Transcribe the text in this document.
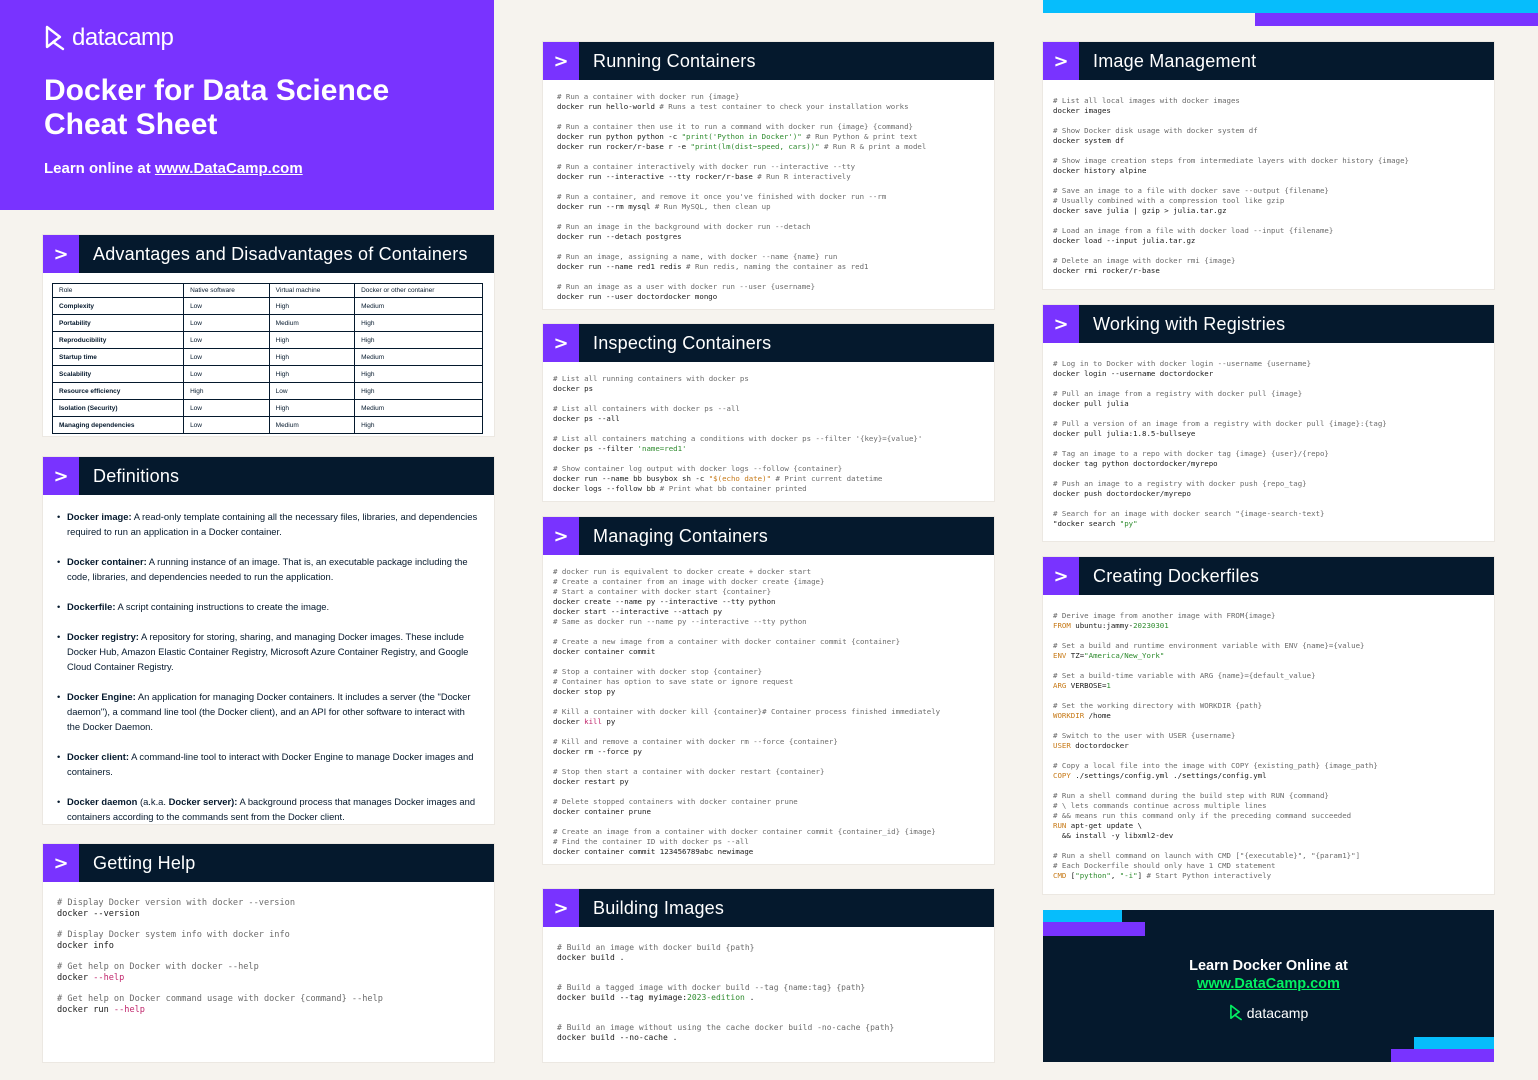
datacamp
Docker for Data Science
Cheat Sheet
Learn online at www.DataCamp.com
>	Advantages and Disadvantages of Containers
Role	Native software	Virtual machine	Docker or other container
Complexity	Low	High	Medium
Portability	Low	Medium	High
Reproducibility	Low	High	High
Startup time	Low	High	Medium
Scalability	Low	High	High
Resource efficiency	High	Low	High
Isolation (Security)	Low	High	Medium
Managing dependencies	Low	Medium	High
>	Definitions
• Docker image: A read-only template containing all the necessary files, libraries, and dependencies required to run an application in a Docker container.
• Docker container: A running instance of an image. That is, an executable package including the code, libraries, and dependencies needed to run the application.
• Dockerfile: A script containing instructions to create the image.
• Docker registry: A repository for storing, sharing, and managing Docker images. These include Docker Hub, Amazon Elastic Container Registry, Microsoft Azure Container Registry, and Google Cloud Container Registry.
• Docker Engine: An application for managing Docker containers. It includes a server (the "Docker daemon"), a command line tool (the Docker client), and an API for other software to interact with the Docker Daemon.
• Docker client: A command-line tool to interact with Docker Engine to manage Docker images and containers.
• Docker daemon (a.k.a. Docker server): A background process that manages Docker images and containers according to the commands sent from the Docker client.
>	Getting Help
# Display Docker version with docker --version
docker --version
# Display Docker system info with docker info
docker info
# Get help on Docker with docker --help
docker --help
# Get help on Docker command usage with docker {command} --help
docker run --help
>	Running Containers
# Run a container with docker run {image}
docker run hello-world # Runs a test container to check your installation works
# Run a container then use it to run a command with docker run {image} {command}
docker run python python -c "print('Python in Docker')" # Run Python & print text
docker run rocker/r-base r -e "print(lm(dist~speed, cars))" # Run R & print a model
# Run a container interactively with docker run --interactive --tty
docker run --interactive --tty rocker/r-base # Run R interactively
# Run a container, and remove it once you've finished with docker run --rm
docker run --rm mysql # Run MySQL, then clean up
# Run an image in the background with docker run --detach
docker run --detach postgres
# Run an image, assigning a name, with docker --name {name} run
docker run --name red1 redis # Run redis, naming the container as red1
# Run an image as a user with docker run --user {username}
docker run --user doctordocker mongo
>	Inspecting Containers
# List all running containers with docker ps
docker ps
# List all containers with docker ps --all
docker ps --all
# List all containers matching a conditions with docker ps --filter '{key}={value}'
docker ps --filter 'name=red1'
# Show container log output with docker logs --follow {container}
docker run --name bb busybox sh -c "$(echo date)" # Print current datetime
docker logs --follow bb # Print what bb container printed
>	Managing Containers
# docker run is equivalent to docker create + docker start
# Create a container from an image with docker create {image}
# Start a container with docker start {container}
docker create --name py --interactive --tty python
docker start --interactive --attach py
# Same as docker run --name py --interactive --tty python
# Create a new image from a container with docker container commit {container}
docker container commit
# Stop a container with docker stop {container}
# Container has option to save state or ignore request
docker stop py
# Kill a container with docker kill {container}# Container process finished immediately
docker kill py
# Kill and remove a container with docker rm --force {container}
docker rm --force py
# Stop then start a container with docker restart {container}
docker restart py
# Delete stopped containers with docker container prune
docker container prune
# Create an image from a container with docker container commit {container_id} {image}
# Find the container ID with docker ps --all
docker container commit 123456789abc newimage
>	Building Images
# Build an image with docker build {path}
docker build .
# Build a tagged image with docker build --tag {name:tag} {path}
docker build --tag myimage:2023-edition .
# Build an image without using the cache docker build -no-cache {path}
docker build --no-cache .
>	Image Management
# List all local images with docker images
docker images
# Show Docker disk usage with docker system df
docker system df
# Show image creation steps from intermediate layers with docker history {image}
docker history alpine
# Save an image to a file with docker save --output {filename}
# Usually combined with a compression tool like gzip
docker save julia | gzip > julia.tar.gz
# Load an image from a file with docker load --input {filename}
docker load --input julia.tar.gz
# Delete an image with docker rmi {image}
docker rmi rocker/r-base
>	Working with Registries
# Log in to Docker with docker login --username {username}
docker login --username doctordocker
# Pull an image from a registry with docker pull {image}
docker pull julia
# Pull a version of an image from a registry with docker pull {image}:{tag}
docker pull julia:1.8.5-bullseye
# Tag an image to a repo with docker tag {image} {user}/{repo}
docker tag python doctordocker/myrepo
# Push an image to a registry with docker push {repo_tag}
docker push doctordocker/myrepo
# Search for an image with docker search "{image-search-text}
"docker search "py"
>	Creating Dockerfiles
# Derive image from another image with FROM{image}
FROM ubuntu:jammy-20230301
# Set a build and runtime environment variable with ENV {name}={value}
ENV TZ="America/New_York"
# Set a build-time variable with ARG {name}={default_value}
ARG VERBOSE=1
# Set the working directory with WORKDIR {path}
WORKDIR /home
# Switch to the user with USER {username}
USER doctordocker
# Copy a local file into the image with COPY {existing_path} {image_path}
COPY ./settings/config.yml ./settings/config.yml
# Run a shell command during the build step with RUN {command}
# \ lets commands continue across multiple lines
# && means run this command only if the preceding command succeeded
RUN apt-get update \
&& install -y libxml2-dev
# Run a shell command on launch with CMD ["{executable}", "{param1}"]
# Each Dockerfile should only have 1 CMD statement
CMD ["python", "-i"] # Start Python interactively
Learn Docker Online at
www.DataCamp.com
datacamp
